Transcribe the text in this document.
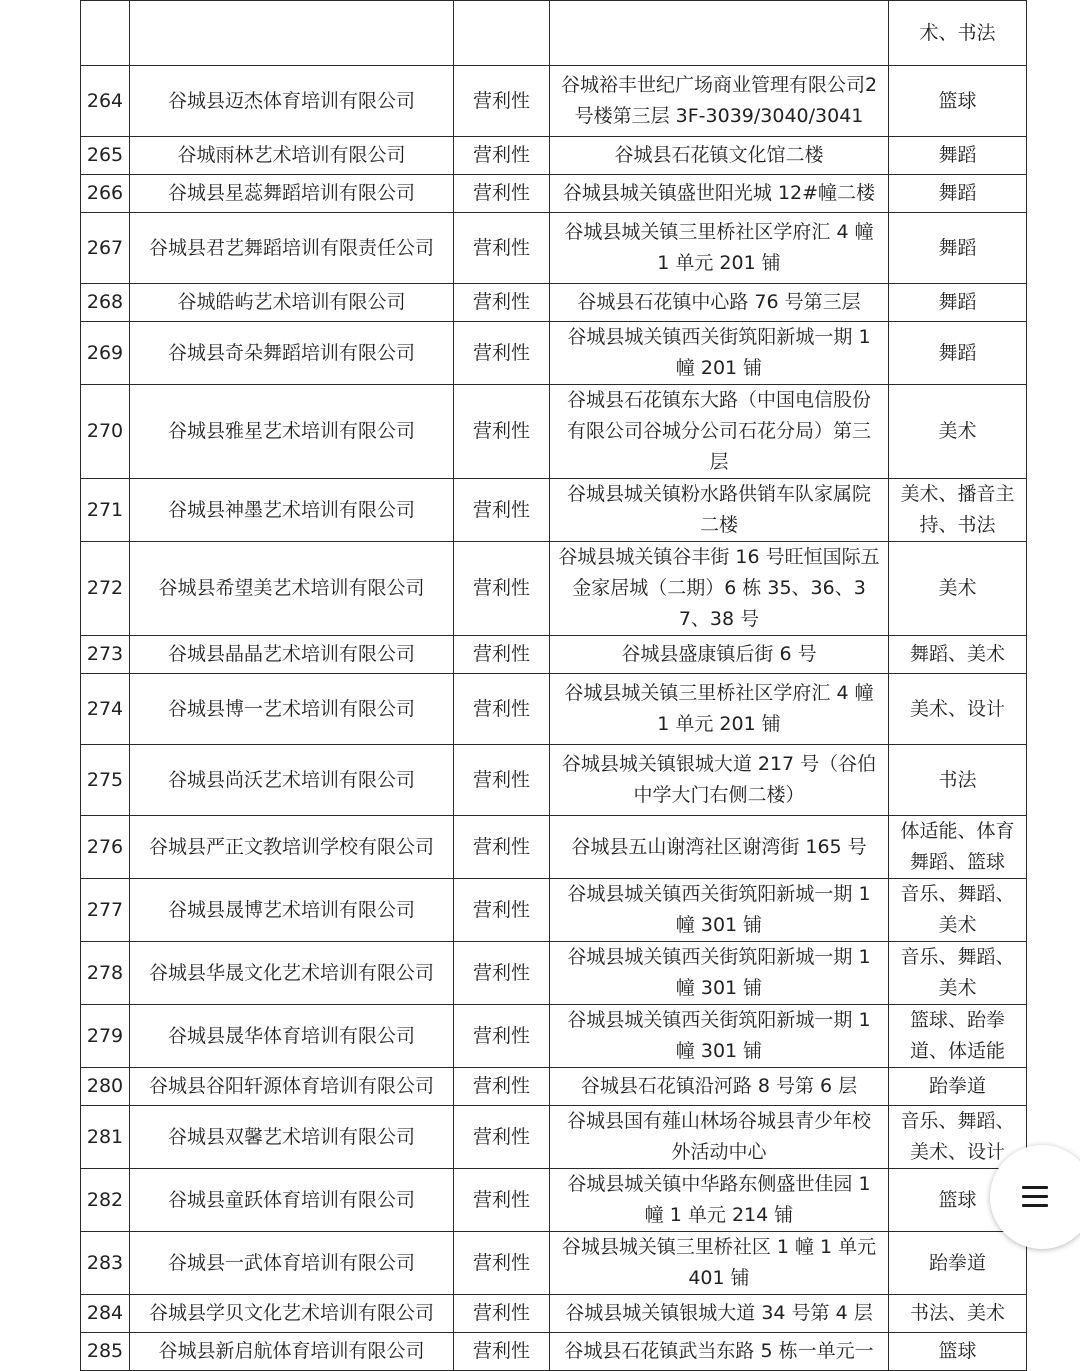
				术、书法
264	谷城县迈杰体育培训有限公司	营利性	谷城裕丰世纪广场商业管理有限公司2号楼第三层 3F-3039/3040/3041	篮球
265	谷城雨林艺术培训有限公司	营利性	谷城县石花镇文化馆二楼	舞蹈
266	谷城县星蕊舞蹈培训有限公司	营利性	谷城县城关镇盛世阳光城 12#幢二楼	舞蹈
267	谷城县君艺舞蹈培训有限责任公司	营利性	谷城县城关镇三里桥社区学府汇 4 幢 1 单元 201 铺	舞蹈
268	谷城皓屿艺术培训有限公司	营利性	谷城县石花镇中心路 76 号第三层	舞蹈
269	谷城县奇朵舞蹈培训有限公司	营利性	谷城县城关镇西关街筑阳新城一期 1 幢 201 铺	舞蹈
270	谷城县雅星艺术培训有限公司	营利性	谷城县石花镇东大路（中国电信股份有限公司谷城分公司石花分局）第三层	美术
271	谷城县神墨艺术培训有限公司	营利性	谷城县城关镇粉水路供销车队家属院二楼	美术、播音主持、书法
272	谷城县希望美艺术培训有限公司	营利性	谷城县城关镇谷丰街 16 号旺恒国际五金家居城（二期）6 栋 35、36、37、38 号	美术
273	谷城县晶晶艺术培训有限公司	营利性	谷城县盛康镇后街 6 号	舞蹈、美术
274	谷城县博一艺术培训有限公司	营利性	谷城县城关镇三里桥社区学府汇 4 幢 1 单元 201 铺	美术、设计
275	谷城县尚沃艺术培训有限公司	营利性	谷城县城关镇银城大道 217 号（谷伯中学大门右侧二楼）	书法
276	谷城县严正文教培训学校有限公司	营利性	谷城县五山谢湾社区谢湾街 165 号	体适能、体育舞蹈、篮球
277	谷城县晟博艺术培训有限公司	营利性	谷城县城关镇西关街筑阳新城一期 1 幢 301 铺	音乐、舞蹈、美术
278	谷城县华晟文化艺术培训有限公司	营利性	谷城县城关镇西关街筑阳新城一期 1 幢 301 铺	音乐、舞蹈、美术
279	谷城县晟华体育培训有限公司	营利性	谷城县城关镇西关街筑阳新城一期 1 幢 301 铺	篮球、跆拳道、体适能
280	谷城县谷阳轩源体育培训有限公司	营利性	谷城县石花镇沿河路 8 号第 6 层	跆拳道
281	谷城县双馨艺术培训有限公司	营利性	谷城县国有薤山林场谷城县青少年校外活动中心	音乐、舞蹈、美术、设计
282	谷城县童跃体育培训有限公司	营利性	谷城县城关镇中华路东侧盛世佳园 1 幢 1 单元 214 铺	篮球
283	谷城县一武体育培训有限公司	营利性	谷城县城关镇三里桥社区 1 幢 1 单元 401 铺	跆拳道
284	谷城县学贝文化艺术培训有限公司	营利性	谷城县城关镇银城大道 34 号第 4 层	书法、美术
285	谷城县新启航体育培训有限公司	营利性	谷城县石花镇武当东路 5 栋一单元一	篮球
